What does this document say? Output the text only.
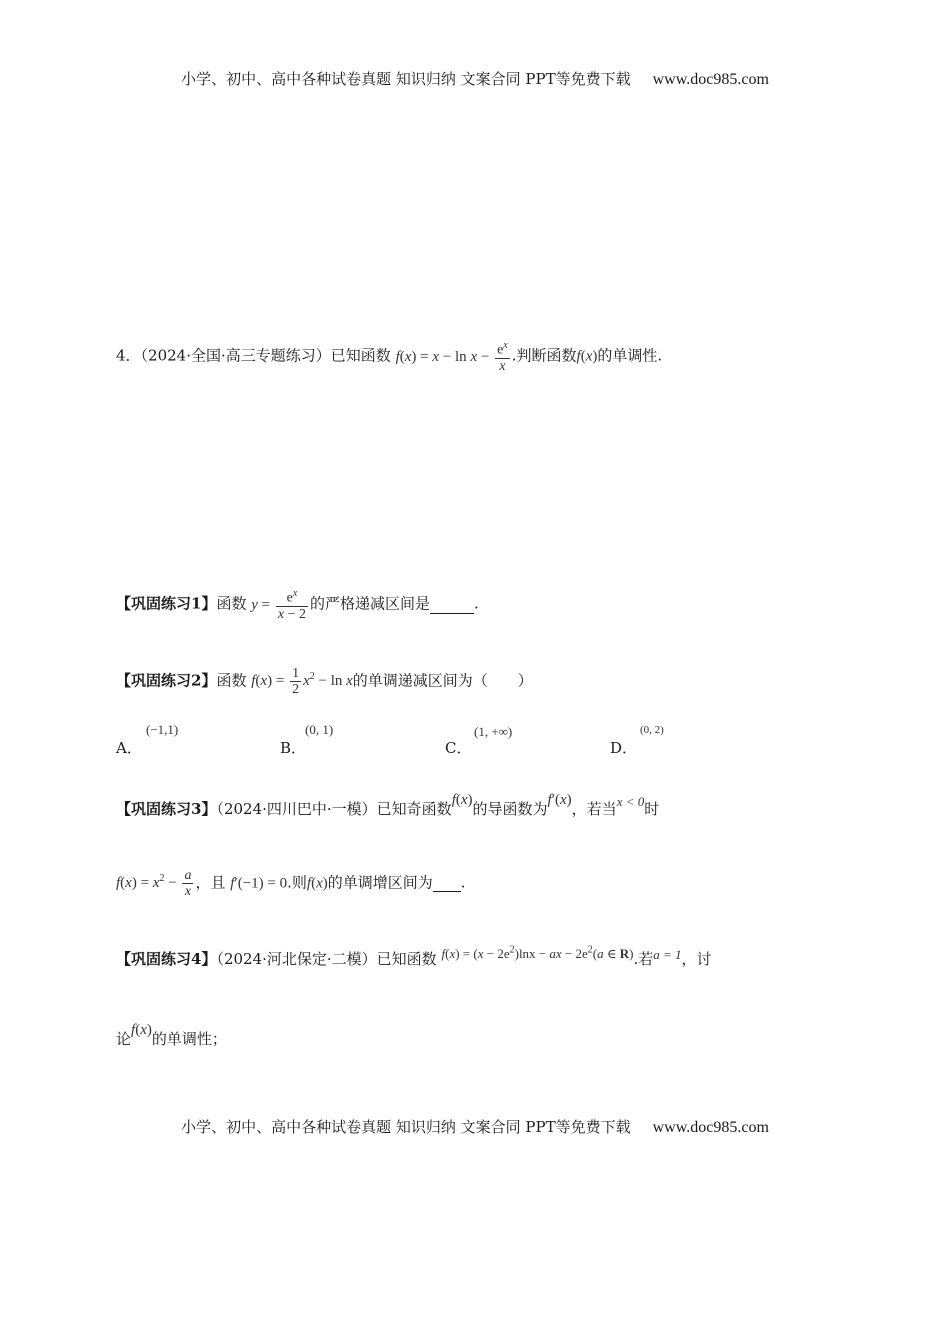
小学、初中、高中各种试卷真题 知识归纳 文案合同 PPT等免费下载 www.doc985.com
4．（2024·全国·高三专题练习）已知函数 $f(x) = x - \ln x - \frac{e^x}{x}$ .判断函数f(x)的单调性.
【巩固练习1】函数 $y = \frac{e^x}{x - 2}$ 的严格递减区间是	.
【巩固练习2】函数 $f(x) = \frac{1}{2} x^2 - \ln x$的单调递减区间为（　　）
A．
(−1,1)
B．
(0, 1)
C．
(1, +∞)
D．
(0, 2)
【巩固练习3】（2024·四川巴中·一模）已知奇函数f(x)的导函数为f′(x)，若当x < 0时
$f(x) = x^2 - \frac{a}{x}$ ，且 f′(−1) = 0.则f(x)的单调增区间为 .
【巩固练习4】（2024·河北保定·二模）已知函数 $f(x) = (x - 2e^2)\ln x$ − ax − $2e^2(a$ ∈ R).若a = 1，讨
论f(x)的单调性；
小学、初中、高中各种试卷真题 知识归纳 文案合同 PPT等免费下载 www.doc985.com
